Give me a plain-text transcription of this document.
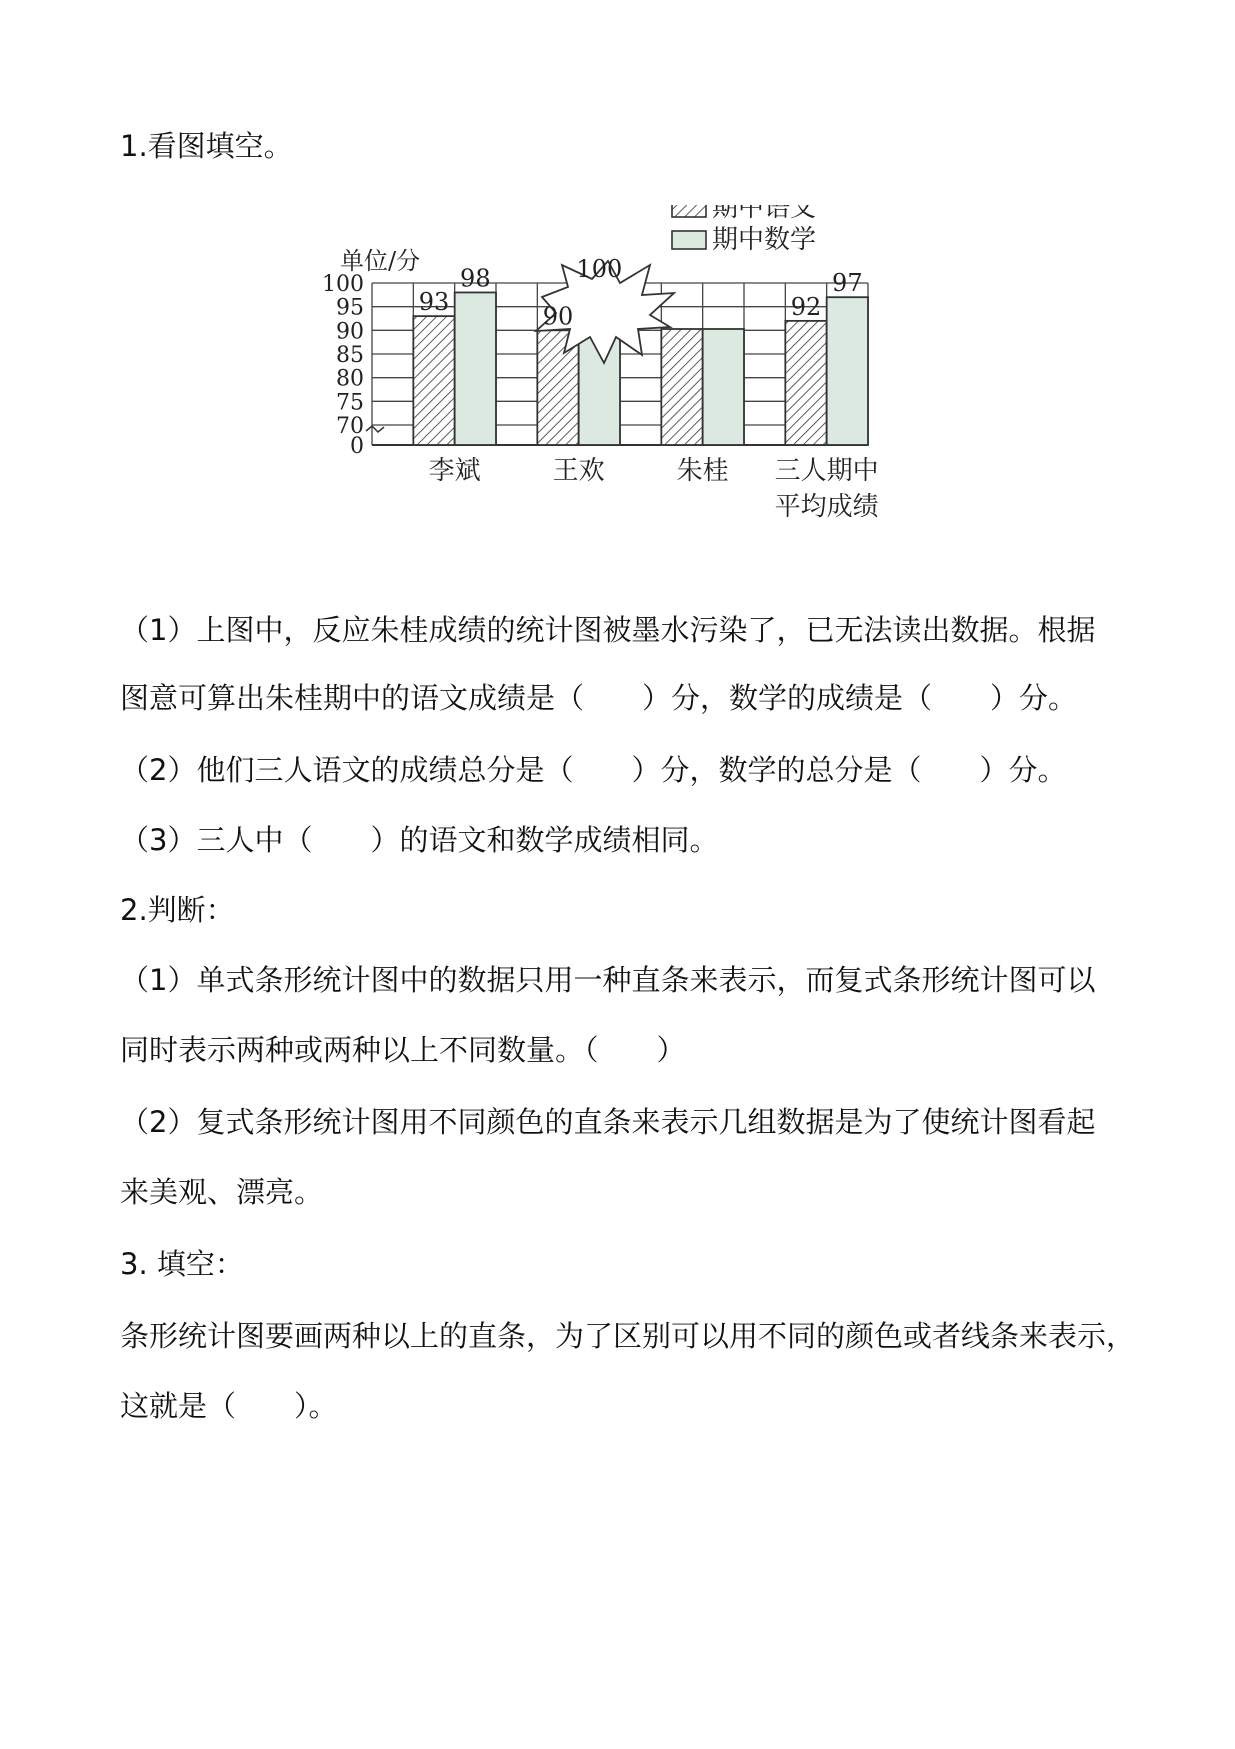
1.看图填空。
100
95
90
85
80
75
70
0
单位/分
93
98
李斌
90
100
王欢	朱桂
92
97
三人期中
平均成绩
期中语文
期中数学
（1）上图中，反应朱桂成绩的统计图被墨水污染了，已无法读出数据。根据
图意可算出朱桂期中的语文成绩是（　　）分，数学的成绩是（　　）分。
（2）他们三人语文的成绩总分是（　　）分，数学的总分是（　　）分。
（3）三人中（　　）的语文和数学成绩相同。
2.判断：
（1）单式条形统计图中的数据只用一种直条来表示，而复式条形统计图可以
同时表示两种或两种以上不同数量。（　　）
（2）复式条形统计图用不同颜色的直条来表示几组数据是为了使统计图看起
来美观、漂亮。
3. 填空：
条形统计图要画两种以上的直条，为了区别可以用不同的颜色或者线条来表示，
这就是（　　）。
